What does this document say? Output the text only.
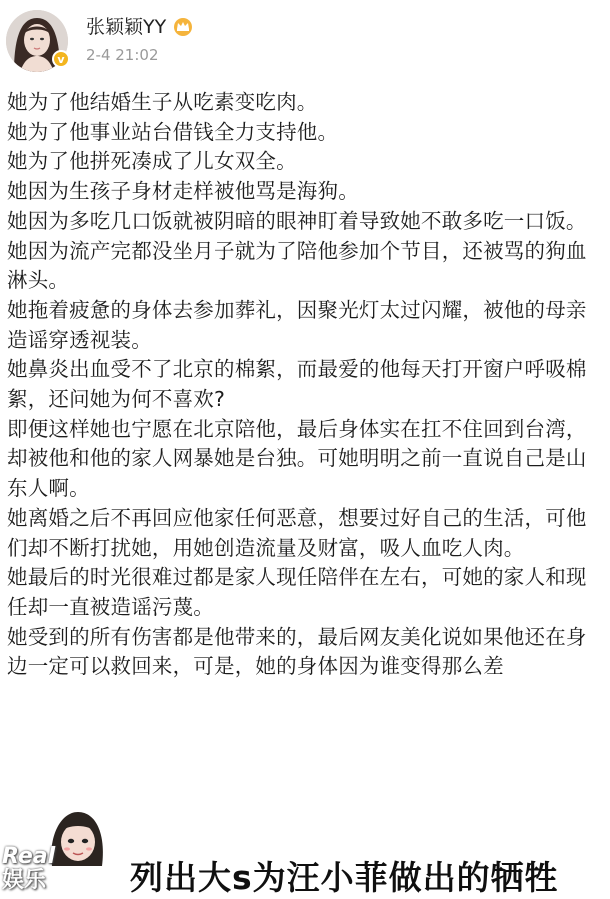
v
张颖颖YY
2-4 21:02

她为了他结婚生子从吃素变吃肉。

她为了他事业站台借钱全力支持他。

她为了他拼死凑成了儿女双全。

她因为生孩子身材走样被他骂是海狗。

她因为多吃几口饭就被阴暗的眼神盯着导致她不敢多吃一口饭。

她因为流产完都没坐月子就为了陪他参加个节目，还被骂的狗血淋头。

她拖着疲惫的身体去参加葬礼，因聚光灯太过闪耀，被他的母亲造谣穿透视装。

她鼻炎出血受不了北京的棉絮，而最爱的他每天打开窗户呼吸棉絮，还问她为何不喜欢?

即便这样她也宁愿在北京陪他，最后身体实在扛不住回到台湾，却被他和他的家人网暴她是台独。可她明明之前一直说自己是山东人啊。

她离婚之后不再回应他家任何恶意，想要过好自己的生活，可他们却不断打扰她，用她创造流量及财富，吸人血吃人肉。

她最后的时光很难过都是家人现任陪伴在左右，可她的家人和现任却一直被造谣污蔑。

她受到的所有伤害都是他带来的，最后网友美化说如果他还在身边一定可以救回来，可是，她的身体因为谁变得那么差

Real
娱乐	列出大s为汪小菲做出的牺牲
